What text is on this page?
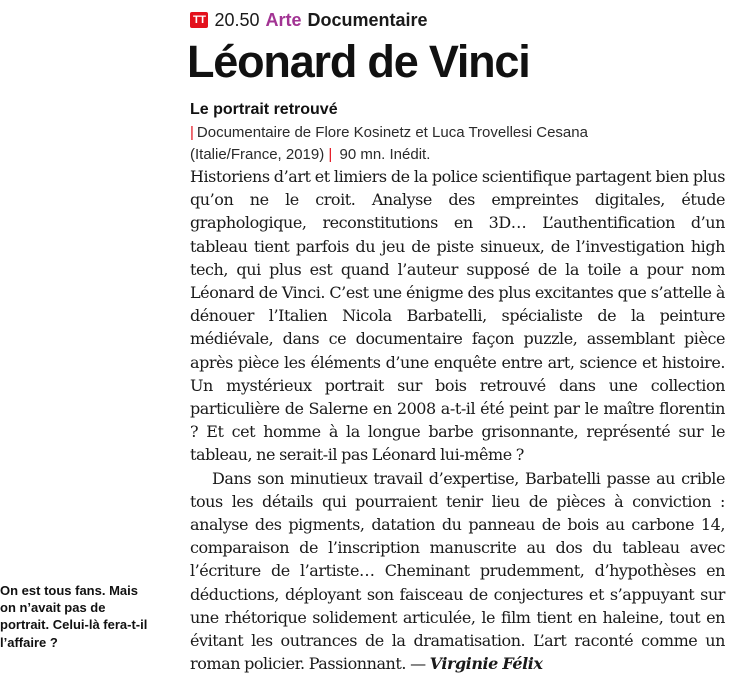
TT 20.50 Arte Documentaire
Léonard de Vinci
Le portrait retrouvé
| Documentaire de Flore Kosinetz et Luca Trovellesi Cesana
(Italie/France, 2019) | 90 mn. Inédit.

Historiens d’art et limiers de la police scientifique partagent bien plus qu’on ne le croit. Analyse des empreintes digitales, étude graphologique, reconstitutions en 3D… L’authentification d’un tableau tient parfois du jeu de piste sinueux, de l’investigation high tech, qui plus est quand l’auteur supposé de la toile a pour nom Léonard de Vinci. C’est une énigme des plus excitantes que s’attelle à dénouer l’Italien Nicola Barbatelli, spécialiste de la peinture médiévale, dans ce documentaire façon puzzle, assemblant pièce après pièce les éléments d’une enquête entre art, science et histoire. Un mystérieux portrait sur bois retrouvé dans une collection particulière de Salerne en 2008 a-t-il été peint par le maître florentin ? Et cet homme à la longue barbe grisonnante, représenté sur le tableau, ne serait-il pas Léonard lui-même ?

Dans son minutieux travail d’expertise, Barbatelli passe au crible tous les détails qui pourraient tenir lieu de pièces à conviction : analyse des pigments, datation du panneau de bois au carbone 14, comparaison de l’inscription manuscrite au dos du tableau avec l’écriture de l’artiste… Cheminant prudemment, d’hypothèses en déductions, déployant son faisceau de conjectures et s’appuyant sur une rhétorique solidement articulée, le film tient en haleine, tout en évitant les outrances de la dramatisation. L’art raconté comme un roman policier. Passionnant. — Virginie Félix

On est tous fans. Mais on n’avait pas de portrait. Celui-là fera-t-il l’affaire ?
